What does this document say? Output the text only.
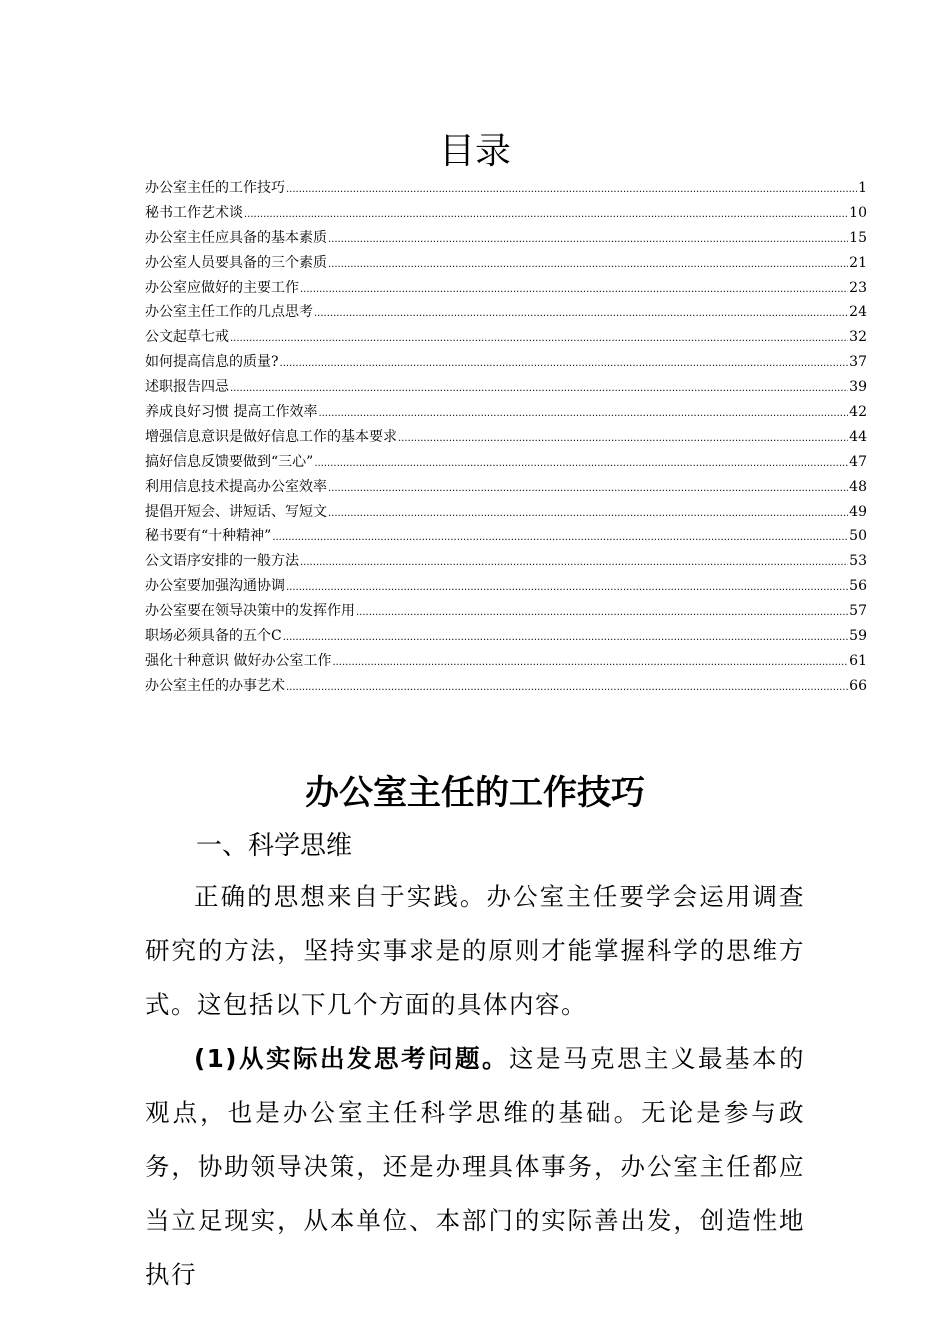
目录
办公室主任的工作技巧 .....	1
秘书工作艺术谈 .....	10
办公室主任应具备的基本素质 .....	15
办公室人员要具备的三个素质 .....	21
办公室应做好的主要工作 .....	23
办公室主任工作的几点思考 .....	24
公文起草七戒 .....	32
如何提高信息的质量? .....	37
述职报告四忌 .....	39
养成良好习惯 提高工作效率 .....	42
增强信息意识是做好信息工作的基本要求 .....	44
搞好信息反馈要做到“三心” .....	47
利用信息技术提高办公室效率 .....	48
提倡开短会、讲短话、写短文 .....	49
秘书要有“十种精神” .....	50
公文语序安排的一般方法 .....	53
办公室要加强沟通协调 .....	56
办公室要在领导决策中的发挥作用 .....	57
职场必须具备的五个C .....	59
强化十种意识 做好办公室工作 .....	61
办公室主任的办事艺术 .....	66
办公室主任的工作技巧
一、科学思维

正确的思想来自于实践。办公室主任要学会运用调查研究的方法，坚持实事求是的原则才能掌握科学的思维方式。这包括以下几个方面的具体内容。

(1)从实际出发思考问题。这是马克思主义最基本的观点，也是办公室主任科学思维的基础。无论是参与政务，协助领导决策，还是办理具体事务，办公室主任都应当立足现实，从本单位、本部门的实际善出发，创造性地执行
